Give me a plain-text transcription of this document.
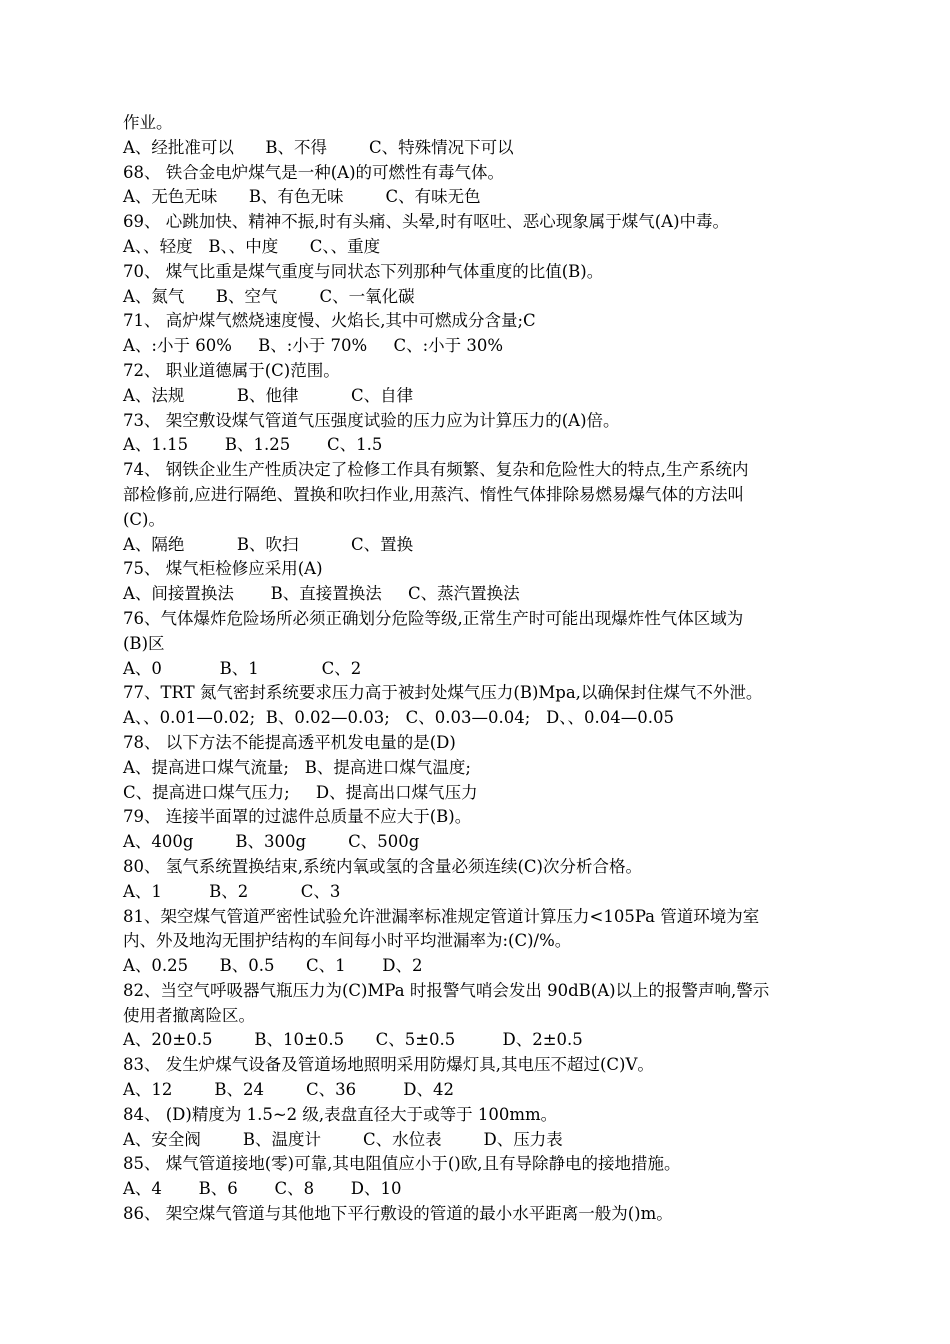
作业。
A、经批准可以      B、不得        C、特殊情况下可以
68、 铁合金电炉煤气是一种(A)的可燃性有毒气体。
A、无色无味      B、有色无味        C、有味无色
69、 心跳加快、精神不振,时有头痛、头晕,时有呕吐、恶心现象属于煤气(A)中毒。
A、、轻度   B、、中度      C、、重度
70、 煤气比重是煤气重度与同状态下列那种气体重度的比值(B)。
A、氮气      B、空气        C、一氧化碳
71、 高炉煤气燃烧速度慢、火焰长,其中可燃成分含量;C
A、:小于 60%     B、:小于 70%     C、:小于 30%
72、 职业道德属于(C)范围。
A、法规          B、他律          C、自律
73、 架空敷设煤气管道气压强度试验的压力应为计算压力的(A)倍。
A、1.15       B、1.25       C、1.5
74、 钢铁企业生产性质决定了检修工作具有频繁、复杂和危险性大的特点,生产系统内
部检修前,应进行隔绝、置换和吹扫作业,用蒸汽、惰性气体排除易燃易爆气体的方法叫
(C)。
A、隔绝          B、吹扫          C、置换
75、 煤气柜检修应采用(A)
A、间接置换法       B、直接置换法     C、蒸汽置换法
76、气体爆炸危险场所必须正确划分危险等级,正常生产时可能出现爆炸性气体区域为
(B)区
A、0           B、1            C、2
77、TRT 氮气密封系统要求压力高于被封处煤气压力(B)Mpa,以确保封住煤气不外泄。
A、、0.01—0.02;  B、0.02—0.03;   C、0.03—0.04;   D、、0.04—0.05
78、 以下方法不能提高透平机发电量的是(D)
A、提高进口煤气流量;   B、提高进口煤气温度;
C、提高进口煤气压力;     D、提高出口煤气压力
79、 连接半面罩的过滤件总质量不应大于(B)。
A、400g        B、300g        C、500g
80、 氢气系统置换结束,系统内氧或氢的含量必须连续(C)次分析合格。
A、1         B、2          C、3
81、架空煤气管道严密性试验允许泄漏率标准规定管道计算压力<105Pa 管道环境为室
内、外及地沟无围护结构的车间每小时平均泄漏率为:(C)/%。
A、0.25      B、0.5      C、1       D、2
82、当空气呼吸器气瓶压力为(C)MPa 时报警气哨会发出 90dB(A)以上的报警声响,警示
使用者撤离险区。
A、20±0.5        B、10±0.5      C、5±0.5         D、2±0.5
83、 发生炉煤气设备及管道场地照明采用防爆灯具,其电压不超过(C)V。
A、12        B、24        C、36         D、42
84、 (D)精度为 1.5~2 级,表盘直径大于或等于 100mm。
A、安全阀        B、温度计        C、水位表        D、压力表
85、 煤气管道接地(零)可靠,其电阻值应小于()欧,且有导除静电的接地措施。
A、4       B、6       C、8       D、10
86、 架空煤气管道与其他地下平行敷设的管道的最小水平距离一般为()m。
